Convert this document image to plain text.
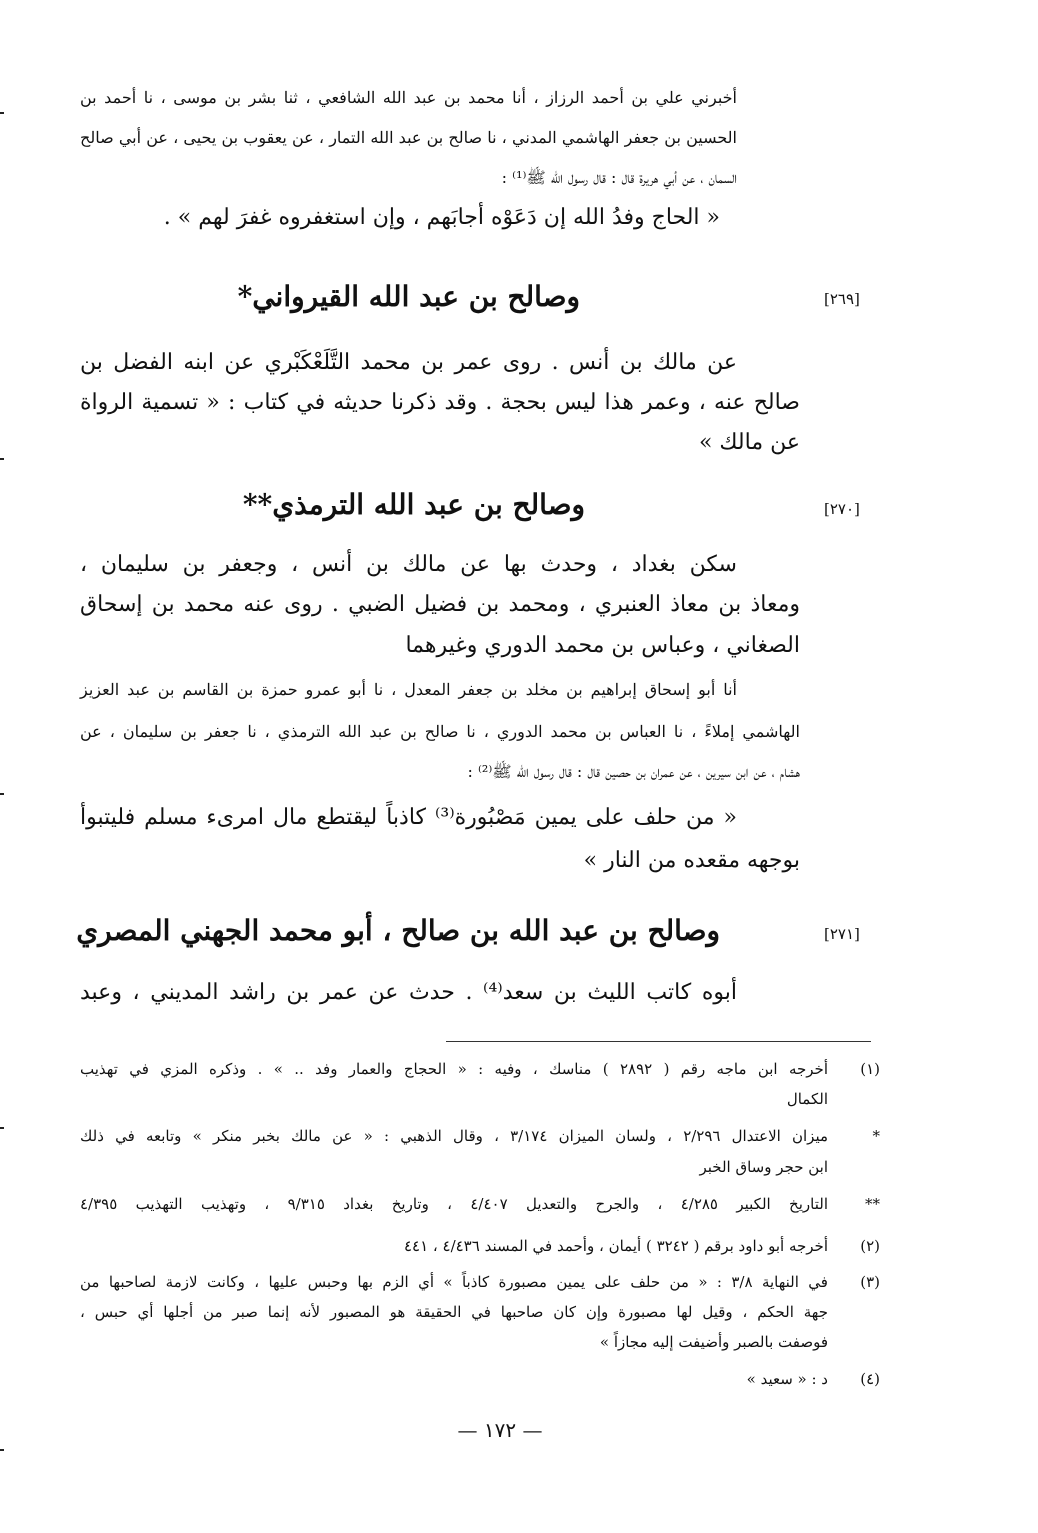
أخبرني علي بن أحمد الرزاز ، أنا محمد بن عبد الله الشافعي ، ثنا بشر بن موسى ، نا أحمد بن
الحسين بن جعفر الهاشمي المدني ، نا صالح بن عبد الله التمار ، عن يعقوب بن يحيى ، عن أبي صالح
السمان ، عن أبي هريرة قال : قال رسول الله ﷺ⁽¹⁾ :
« الحاج وفدُ الله إن دَعَوْه أجابَهم ، وإن استغفروه غفرَ لهم » .
[٢٦٩]
وصالح بن عبد الله القيرواني*
عن مالك بن أنس . روى عمر بن محمد التَّلَعْكَبْري عن ابنه الفضل بن
صالح عنه ، وعمر هذا ليس بحجة . وقد ذكرنا حديثه في كتاب : « تسمية الرواة
عن مالك »
[٢٧٠]
وصالح بن عبد الله الترمذي**
سكن بغداد ، وحدث بها عن مالك بن أنس ، وجعفر بن سليمان ،
ومعاذ بن معاذ العنبري ، ومحمد بن فضيل الضبي . روى عنه محمد بن إسحاق
الصغاني ، وعباس بن محمد الدوري وغيرهما
أنا أبو إسحاق إبراهيم بن مخلد بن جعفر المعدل ، نا أبو عمرو حمزة بن القاسم بن عبد العزيز
الهاشمي إملاءً ، نا العباس بن محمد الدوري ، نا صالح بن عبد الله الترمذي ، نا جعفر بن سليمان ، عن
هشام ، عن ابن سيرين ، عن عمران بن حصين قال : قال رسول الله ﷺ⁽²⁾ :
« من حلف على يمين مَصْبُورة⁽³⁾ كاذباً ليقتطع مال امرىء مسلم فليتبوأ
بوجهه مقعده من النار »
[٢٧١]
وصالح بن عبد الله بن صالح ، أبو محمد الجهني المصري
أبوه كاتب الليث بن سعد⁽⁴⁾ . حدث عن عمر بن راشد المديني ، وعبد
(١)
أخرجه ابن ماجه رقم ( ٢٨٩٢ ) مناسك ، وفيه : « الحجاج والعمار وفد .. » . وذكره المزي في تهذيب
الكمال
*
ميزان الاعتدال ٢/٢٩٦ ، ولسان الميزان ٣/١٧٤ ، وقال الذهبي : « عن مالك بخبر منكر » وتابعه في ذلك
ابن حجر وساق الخبر
**
التاريخ الكبير ٤/٢٨٥ ، والجرح والتعديل ٤/٤٠٧ ، وتاريخ بغداد ٩/٣١٥ ، وتهذيب التهذيب ٤/٣٩٥
(٢)
أخرجه أبو داود برقم ( ٣٢٤٢ ) أيمان ، وأحمد في المسند ٤/٤٣٦ ، ٤٤١
(٣)
في النهاية ٣/٨ : « من حلف على يمين مصبورة كاذباً » أي الزم بها وحبس عليها ، وكانت لازمة لصاحبها من
جهة الحكم ، وقيل لها مصبورة وإن كان صاحبها في الحقيقة هو المصبور لأنه إنما صبر من أجلها أي حبس ،
فوصفت بالصبر وأضيفت إليه مجازاً »
(٤)
د : « سعيد »
— ١٧٢ —
